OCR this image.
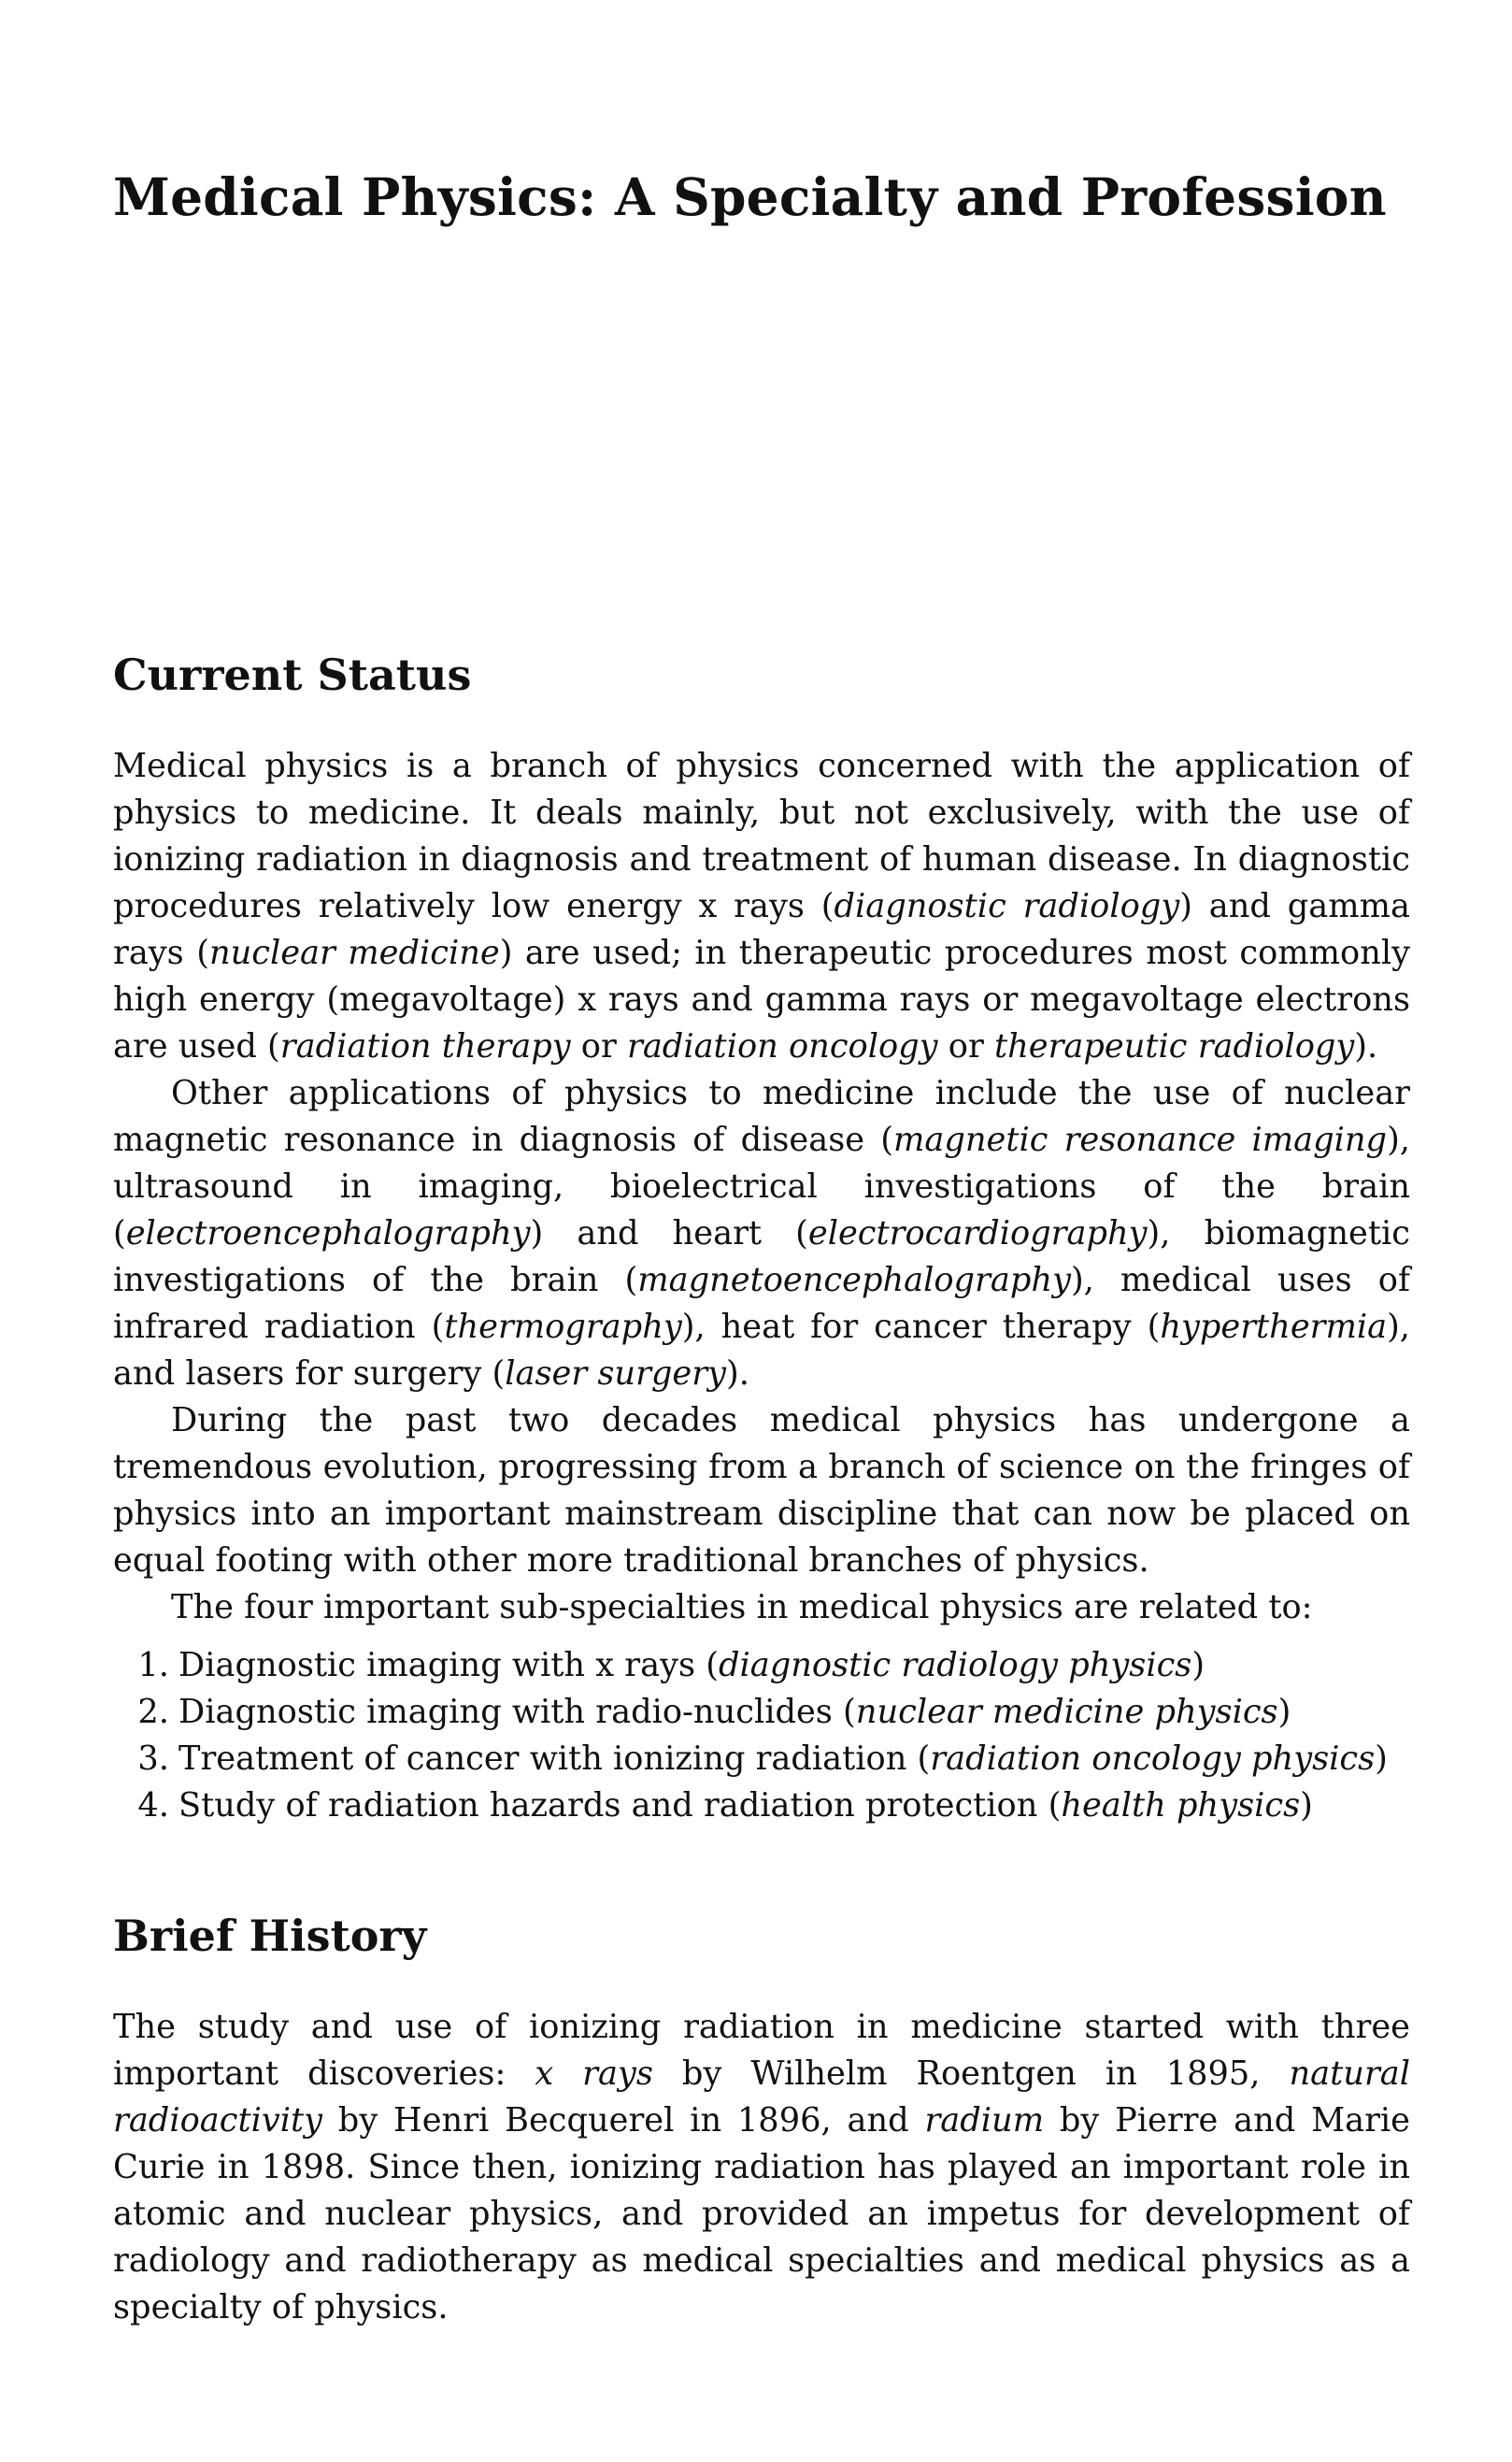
Medical Physics: A Specialty and Profession
Current Status

Medical physics is a branch of physics concerned with the application of physics to medicine. It deals mainly, but not exclusively, with the use of ionizing radiation in diagnosis and treatment of human disease. In diagnostic procedures relatively low energy x rays (diagnostic radiology) and gamma rays (nuclear medicine) are used; in therapeutic procedures most commonly high energy (megavoltage) x rays and gamma rays or megavoltage electrons are used (radiation therapy or radiation oncology or therapeutic radiology).

Other applications of physics to medicine include the use of nuclear magnetic resonance in diagnosis of disease (magnetic resonance imaging), ultrasound in imaging, bioelectrical investigations of the brain (electroencephalography) and heart (electrocardiography), biomagnetic investigations of the brain (magnetoencephalography), medical uses of infrared radiation (thermography), heat for cancer therapy (hyperthermia), and lasers for surgery (laser surgery).

During the past two decades medical physics has undergone a tremendous evolution, progressing from a branch of science on the fringes of physics into an important mainstream discipline that can now be placed on equal footing with other more traditional branches of physics.

The four important sub-specialties in medical physics are related to:

1. Diagnostic imaging with x rays (diagnostic radiology physics)
2. Diagnostic imaging with radio-nuclides (nuclear medicine physics)
3. Treatment of cancer with ionizing radiation (radiation oncology physics)
4. Study of radiation hazards and radiation protection (health physics)
Brief History

The study and use of ionizing radiation in medicine started with three important discoveries: x rays by Wilhelm Roentgen in 1895, natural radioactivity by Henri Becquerel in 1896, and radium by Pierre and Marie Curie in 1898. Since then, ionizing radiation has played an important role in atomic and nuclear physics, and provided an impetus for development of radiology and radiotherapy as medical specialties and medical physics as a specialty of physics.
